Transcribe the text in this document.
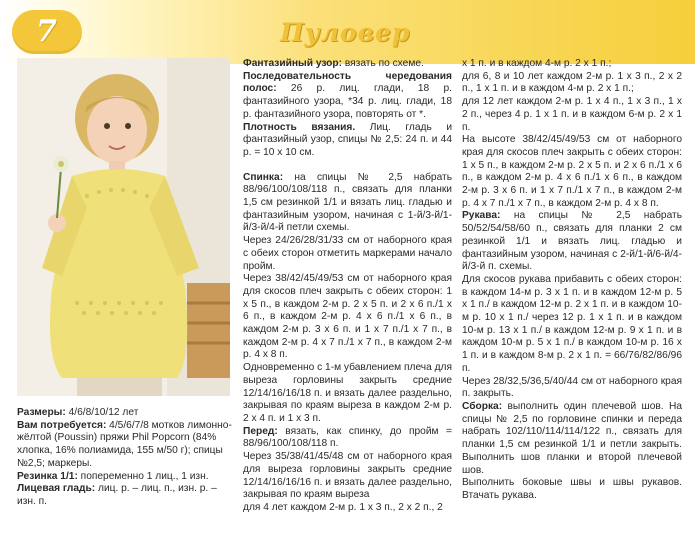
7	Пуловер

Размеры: 4/6/8/10/12 лет

Вам потребуется: 4/5/6/7/8 мотков лимонно-жёлтой (Poussin) пряжи Phil Popcorn (84% хлопка, 16% полиамида, 155 м/50 г); спицы №2,5; маркеры.

Резинка 1/1: попеременно 1 лиц., 1 изн.

Лицевая гладь: лиц. р. – лиц. п., изн. р. – изн. п.

Фантазийный узор: вязать по схеме.

Последовательность чередования полос: 26 р. лиц. глади, 18 р. фантазийного узора, *34 р. лиц. глади, 18 р. фантазийного узора, повторять от *.

Плотность вязания. Лиц. гладь и фантазийный узор, спицы № 2,5: 24 п. и 44 р. = 10 x 10 см.

Спинка: на спицы № 2,5 набрать 88/96/100/108/118 п., связать для планки 1,5 см резинкой 1/1 и вязать лиц. гладью и фантазийным узором, начиная с 1-й/3-й/1-й/3-й/4-й петли схемы.

Через 24/26/28/31/33 см от наборного края с обеих сторон отметить маркерами начало пройм.

Через 38/42/45/49/53 см от наборного края для скосов плеч закрыть с обеих сторон: 1 x 5 п., в каждом 2-м р. 2 x 5 п. и 2 x 6 п./1 x 6 п., в каждом 2-м р. 4 x 6 п./1 x 6 п., в каждом 2-м р. 3 x 6 п. и 1 x 7 п./1 x 7 п., в каждом 2-м р. 4 x 7 п./1 x 7 п., в каждом 2-м р. 4 x 8 п.

Одновременно с 1-м убавлением плеча для выреза горловины закрыть средние 12/14/16/16/18 п. и вязать далее раздельно, закрывая по краям выреза в каждом 2-м р. 2 x 4 п. и 1 x 3 п.

Перед: вязать, как спинку, до пройм = 88/96/100/108/118 п.

Через 35/38/41/45/48 см от наборного края для выреза горловины закрыть средние 12/14/16/16/16 п. и вязать далее раздельно, закрывая по краям выреза

для 4 лет каждом 2-м р. 1 x 3 п., 2 x 2 п., 2

x 1 п. и в каждом 4-м р. 2 x 1 п.;

для 6, 8 и 10 лет каждом 2-м р. 1 x 3 п., 2 x 2 п., 1 x 1 п. и в каждом 4-м р. 2 x 1 п.;

для 12 лет каждом 2-м р. 1 x 4 п., 1 x 3 п., 1 x 2 п., через 4 р. 1 x 1 п. и в каждом 6-м р. 2 x 1 п.

На высоте 38/42/45/49/53 см от наборного края для скосов плеч закрыть с обеих сторон: 1 x 5 п., в каждом 2-м р. 2 x 5 п. и 2 x 6 п./1 x 6 п., в каждом 2-м р. 4 x 6 п./1 x 6 п., в каждом 2-м р. 3 x 6 п. и 1 x 7 п./1 x 7 п., в каждом 2-м р. 4 x 7 п./1 x 7 п., в каждом 2-м р. 4 x 8 п.

Рукава: на спицы № 2,5 набрать 50/52/54/58/60 п., связать для планки 2 см резинкой 1/1 и вязать лиц. гладью и фантазийным узором, начиная с 2-й/1-й/6-й/4-й/3-й п. схемы.

Для скосов рукава прибавить с обеих сторон: в каждом 14-м р. 3 x 1 п. и в каждом 12-м р. 5 x 1 п./ в каждом 12-м р. 2 x 1 п. и в каждом 10-м р. 10 x 1 п./ через 12 р. 1 x 1 п. и в каждом 10-м р. 13 x 1 п./ в каждом 12-м р. 9 x 1 п. и в каждом 10-м р. 5 x 1 п./ в каждом 10-м р. 16 x 1 п. и в каждом 8-м р. 2 x 1 п. = 66/76/82/86/96 п.

Через 28/32,5/36,5/40/44 см от наборного края п. закрыть.

Сборка: выполнить один плечевой шов. На спицы № 2,5 по горловине спинки и переда набрать 102/110/114/114/122 п., связать для планки 1,5 см резинкой 1/1 и петли закрыть. Выполнить шов планки и второй плечевой шов.

Выполнить боковые швы и швы рукавов. Втачать рукава.
